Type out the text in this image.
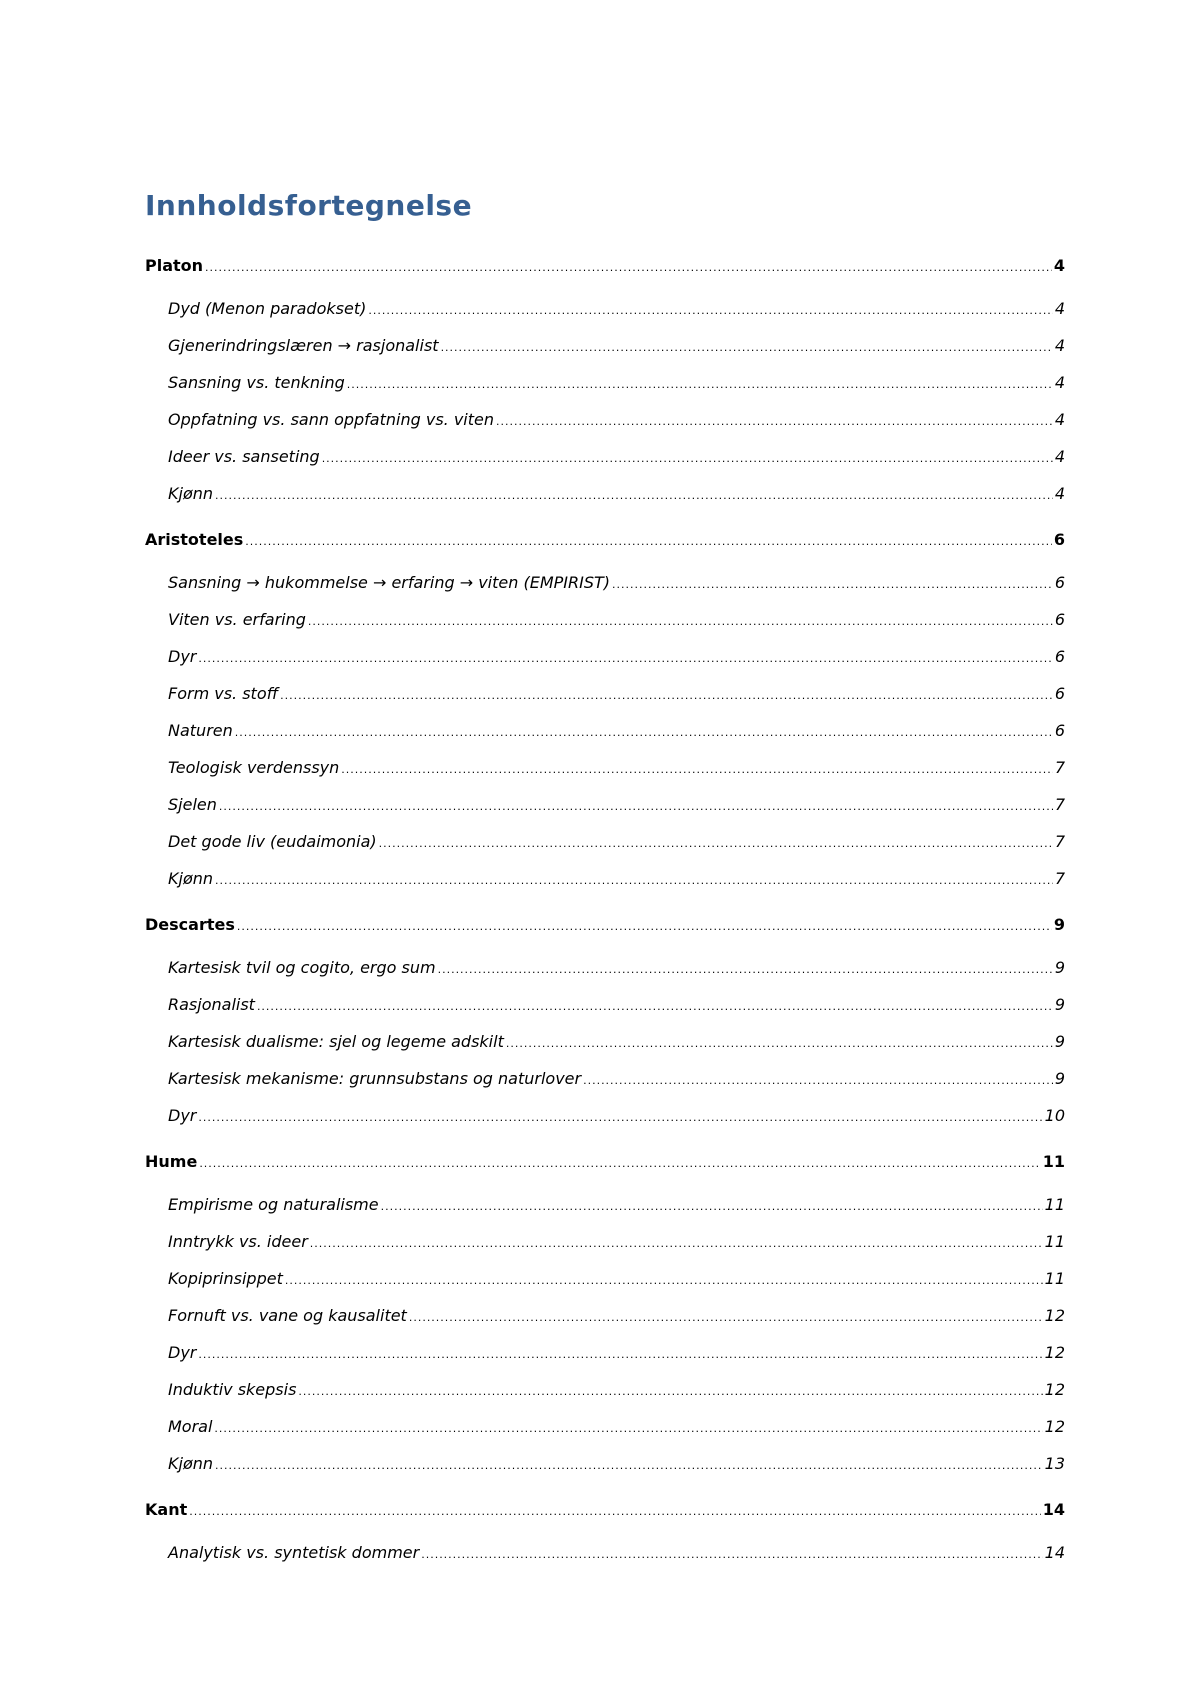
Innholdsfortegnelse
Platon .....	4
Dyd (Menon paradokset) .....	4
Gjenerindringslæren → rasjonalist .....	4
Sansning vs. tenkning .....	4
Oppfatning vs. sann oppfatning vs. viten .....	4
Ideer vs. sanseting .....	4
Kjønn .....	4
Aristoteles .....	6
Sansning → hukommelse → erfaring → viten (EMPIRIST) .....	6
Viten vs. erfaring .....	6
Dyr .....	6
Form vs. stoff .....	6
Naturen .....	6
Teologisk verdenssyn .....	7
Sjelen .....	7
Det gode liv (eudaimonia) .....	7
Kjønn .....	7
Descartes .....	9
Kartesisk tvil og cogito, ergo sum .....	9
Rasjonalist .....	9
Kartesisk dualisme: sjel og legeme adskilt .....	9
Kartesisk mekanisme: grunnsubstans og naturlover .....	9
Dyr .....	10
Hume .....	11
Empirisme og naturalisme .....	11
Inntrykk vs. ideer .....	11
Kopiprinsippet .....	11
Fornuft vs. vane og kausalitet .....	12
Dyr .....	12
Induktiv skepsis .....	12
Moral .....	12
Kjønn .....	13
Kant .....	14
Analytisk vs. syntetisk dommer .....	14
